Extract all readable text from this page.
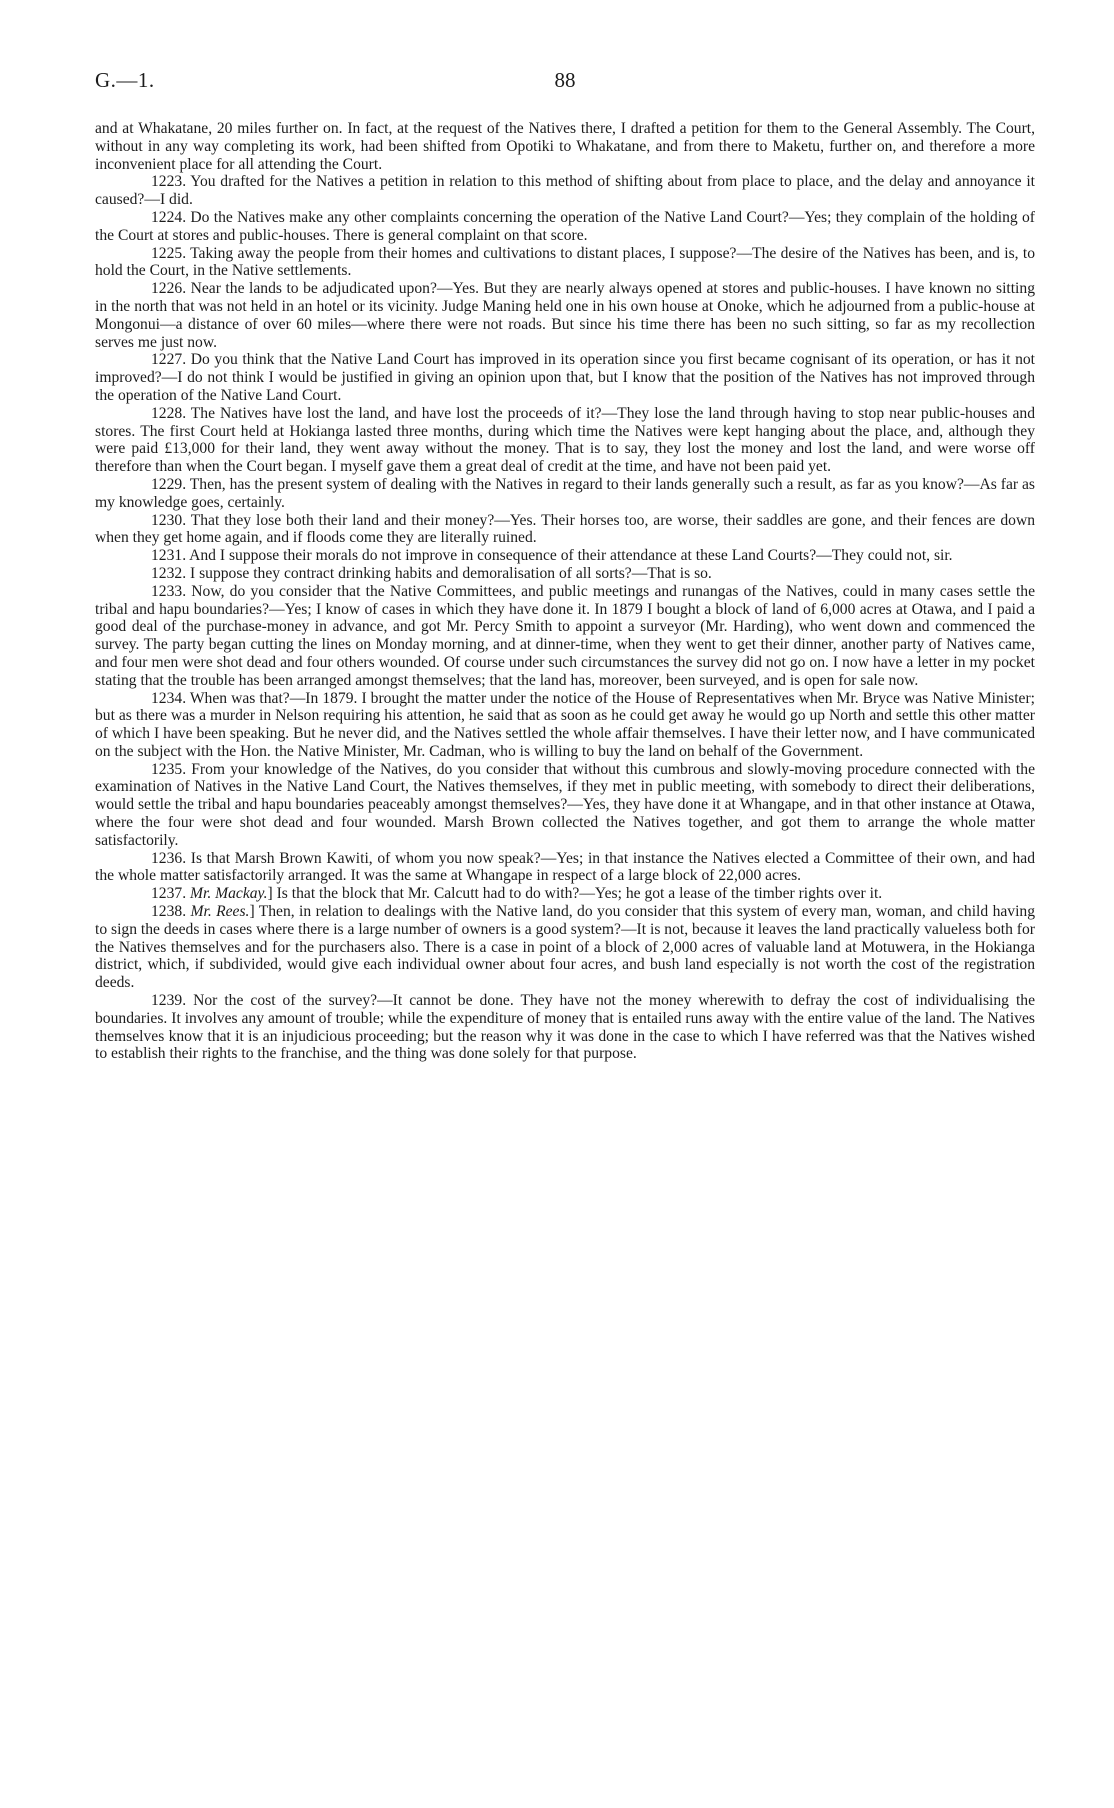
G.—1.	88

and at Whakatane, 20 miles further on. In fact, at the request of the Natives there, I drafted a petition for them to the General Assembly. The Court, without in any way completing its work, had been shifted from Opotiki to Whakatane, and from there to Maketu, further on, and therefore a more inconvenient place for all attending the Court.

1223. You drafted for the Natives a petition in relation to this method of shifting about from place to place, and the delay and annoyance it caused?—I did.

1224. Do the Natives make any other complaints concerning the operation of the Native Land Court?—Yes; they complain of the holding of the Court at stores and public-houses. There is general complaint on that score.

1225. Taking away the people from their homes and cultivations to distant places, I suppose?—The desire of the Natives has been, and is, to hold the Court, in the Native settlements.

1226. Near the lands to be adjudicated upon?—Yes. But they are nearly always opened at stores and public-houses. I have known no sitting in the north that was not held in an hotel or its vicinity. Judge Maning held one in his own house at Onoke, which he adjourned from a public-house at Mongonui—a distance of over 60 miles—where there were not roads. But since his time there has been no such sitting, so far as my recollection serves me just now.

1227. Do you think that the Native Land Court has improved in its operation since you first became cognisant of its operation, or has it not improved?—I do not think I would be justified in giving an opinion upon that, but I know that the position of the Natives has not improved through the operation of the Native Land Court.

1228. The Natives have lost the land, and have lost the proceeds of it?—They lose the land through having to stop near public-houses and stores. The first Court held at Hokianga lasted three months, during which time the Natives were kept hanging about the place, and, although they were paid £13,000 for their land, they went away without the money. That is to say, they lost the money and lost the land, and were worse off therefore than when the Court began. I myself gave them a great deal of credit at the time, and have not been paid yet.

1229. Then, has the present system of dealing with the Natives in regard to their lands generally such a result, as far as you know?—As far as my knowledge goes, certainly.

1230. That they lose both their land and their money?—Yes. Their horses too, are worse, their saddles are gone, and their fences are down when they get home again, and if floods come they are literally ruined.

1231. And I suppose their morals do not improve in consequence of their attendance at these Land Courts?—They could not, sir.

1232. I suppose they contract drinking habits and demoralisation of all sorts?—That is so.

1233. Now, do you consider that the Native Committees, and public meetings and runangas of the Natives, could in many cases settle the tribal and hapu boundaries?—Yes; I know of cases in which they have done it. In 1879 I bought a block of land of 6,000 acres at Otawa, and I paid a good deal of the purchase-money in advance, and got Mr. Percy Smith to appoint a surveyor (Mr. Harding), who went down and commenced the survey. The party began cutting the lines on Monday morning, and at dinner-time, when they went to get their dinner, another party of Natives came, and four men were shot dead and four others wounded. Of course under such circumstances the survey did not go on. I now have a letter in my pocket stating that the trouble has been arranged amongst themselves; that the land has, moreover, been surveyed, and is open for sale now.

1234. When was that?—In 1879. I brought the matter under the notice of the House of Representatives when Mr. Bryce was Native Minister; but as there was a murder in Nelson requiring his attention, he said that as soon as he could get away he would go up North and settle this other matter of which I have been speaking. But he never did, and the Natives settled the whole affair themselves. I have their letter now, and I have communicated on the subject with the Hon. the Native Minister, Mr. Cadman, who is willing to buy the land on behalf of the Government.

1235. From your knowledge of the Natives, do you consider that without this cumbrous and slowly-moving procedure connected with the examination of Natives in the Native Land Court, the Natives themselves, if they met in public meeting, with somebody to direct their deliberations, would settle the tribal and hapu boundaries peaceably amongst themselves?—Yes, they have done it at Whangape, and in that other instance at Otawa, where the four were shot dead and four wounded. Marsh Brown collected the Natives together, and got them to arrange the whole matter satisfactorily.

1236. Is that Marsh Brown Kawiti, of whom you now speak?—Yes; in that instance the Natives elected a Committee of their own, and had the whole matter satisfactorily arranged. It was the same at Whangape in respect of a large block of 22,000 acres.

1237. Mr. Mackay.] Is that the block that Mr. Calcutt had to do with?—Yes; he got a lease of the timber rights over it.

1238. Mr. Rees.] Then, in relation to dealings with the Native land, do you consider that this system of every man, woman, and child having to sign the deeds in cases where there is a large number of owners is a good system?—It is not, because it leaves the land practically valueless both for the Natives themselves and for the purchasers also. There is a case in point of a block of 2,000 acres of valuable land at Motuwera, in the Hokianga district, which, if subdivided, would give each individual owner about four acres, and bush land especially is not worth the cost of the registration deeds.

1239. Nor the cost of the survey?—It cannot be done. They have not the money wherewith to defray the cost of individualising the boundaries. It involves any amount of trouble; while the expenditure of money that is entailed runs away with the entire value of the land. The Natives themselves know that it is an injudicious proceeding; but the reason why it was done in the case to which I have referred was that the Natives wished to establish their rights to the franchise, and the thing was done solely for that purpose.
